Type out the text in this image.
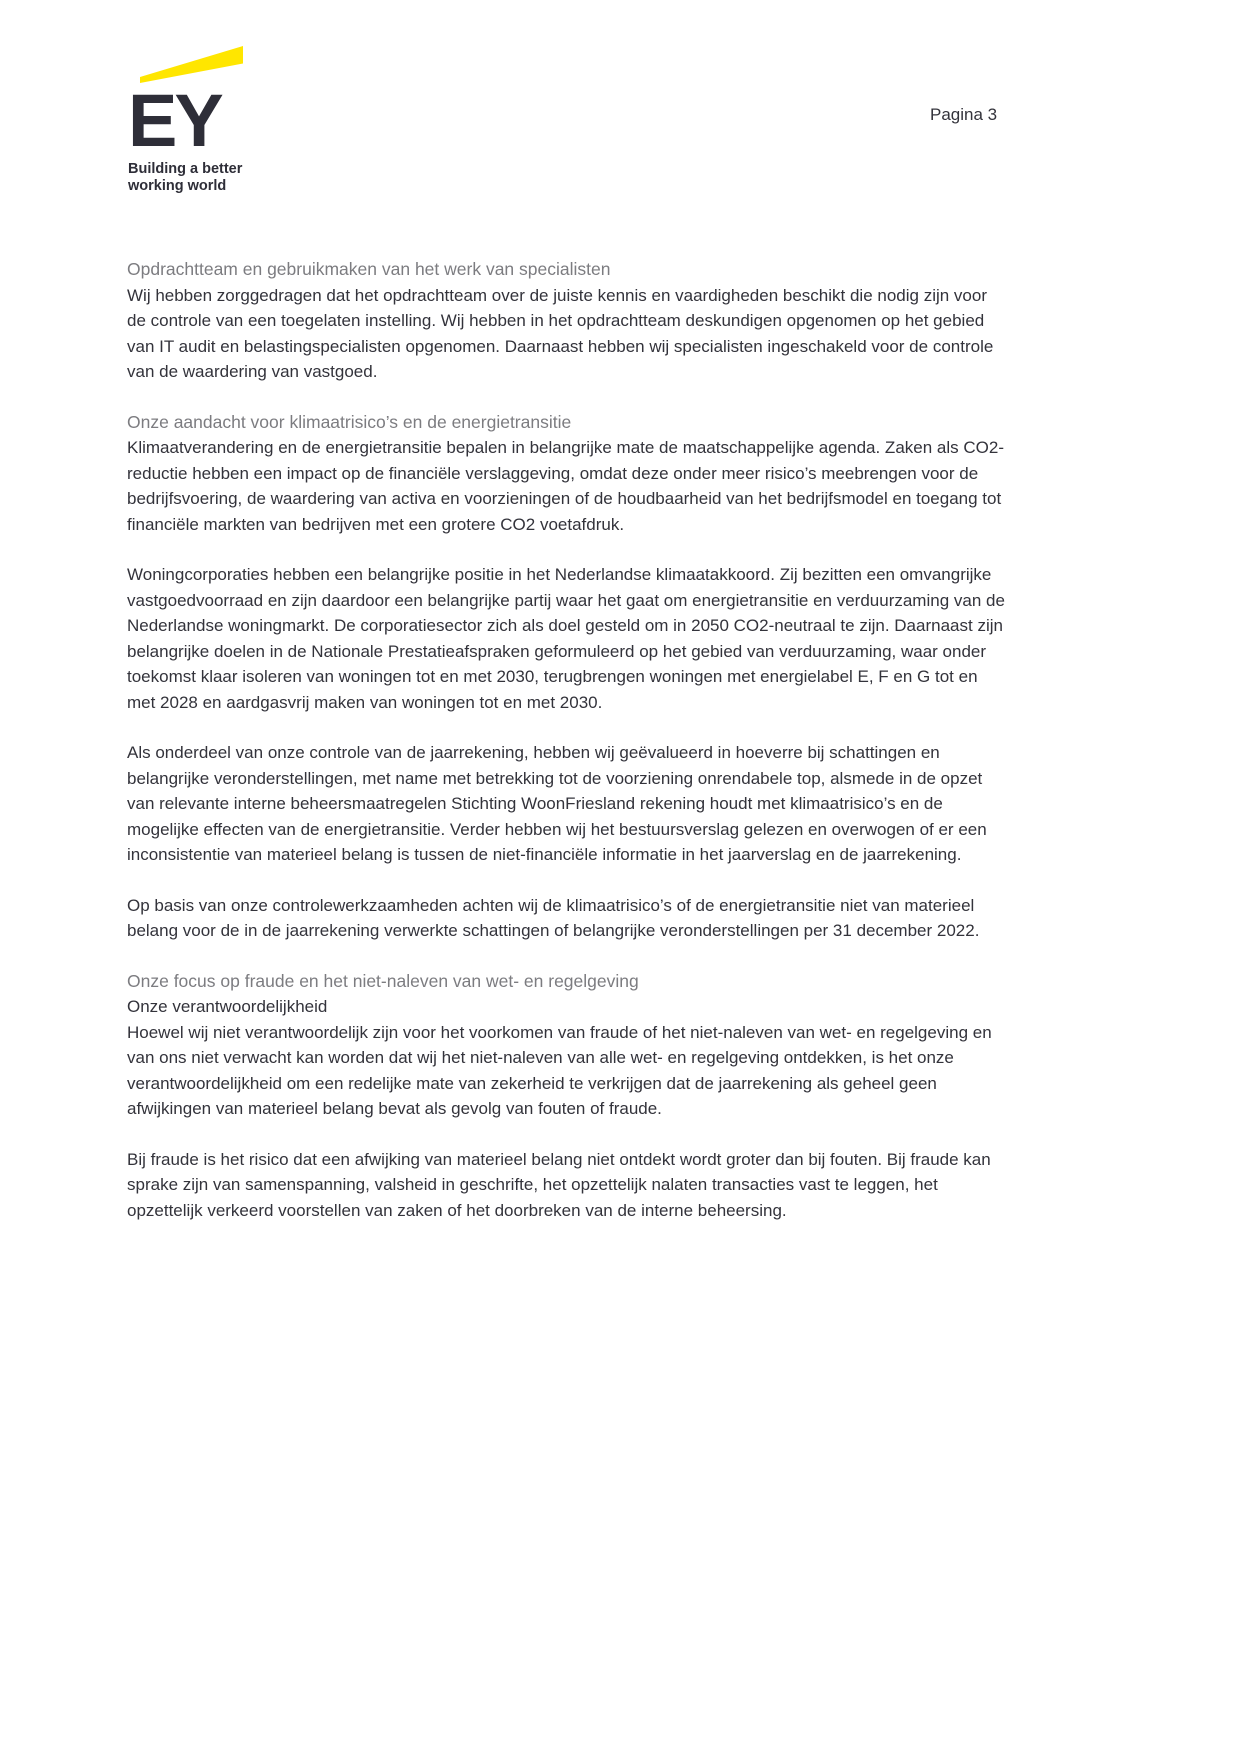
EY
Building a better
working world
Pagina 3
Opdrachtteam en gebruikmaken van het werk van specialisten

Wij hebben zorggedragen dat het opdrachtteam over de juiste kennis en vaardigheden beschikt die nodig zijn voor de controle van een toegelaten instelling. Wij hebben in het opdrachtteam deskundigen opgenomen op het gebied van IT audit en belastingspecialisten opgenomen. Daarnaast hebben wij specialisten ingeschakeld voor de controle van de waardering van vastgoed.

Onze aandacht voor klimaatrisico’s en de energietransitie

Klimaatverandering en de energietransitie bepalen in belangrijke mate de maatschappelijke agenda. Zaken als CO2-reductie hebben een impact op de financiële verslaggeving, omdat deze onder meer risico’s meebrengen voor de bedrijfsvoering, de waardering van activa en voorzieningen of de houdbaarheid van het bedrijfsmodel en toegang tot financiële markten van bedrijven met een grotere CO2 voetafdruk.

Woningcorporaties hebben een belangrijke positie in het Nederlandse klimaatakkoord. Zij bezitten een omvangrijke vastgoedvoorraad en zijn daardoor een belangrijke partij waar het gaat om energietransitie en verduurzaming van de Nederlandse woningmarkt. De corporatiesector zich als doel gesteld om in 2050 CO2-neutraal te zijn. Daarnaast zijn belangrijke doelen in de Nationale Prestatieafspraken geformuleerd op het gebied van verduurzaming, waar onder toekomst klaar isoleren van woningen tot en met 2030, terugbrengen woningen met energielabel E, F en G tot en met 2028 en aardgasvrij maken van woningen tot en met 2030.

Als onderdeel van onze controle van de jaarrekening, hebben wij geëvalueerd in hoeverre bij schattingen en belangrijke veronderstellingen, met name met betrekking tot de voorziening onrendabele top, alsmede in de opzet van relevante interne beheersmaatregelen Stichting WoonFriesland rekening houdt met klimaatrisico’s en de mogelijke effecten van de energietransitie. Verder hebben wij het bestuursverslag gelezen en overwogen of er een inconsistentie van materieel belang is tussen de niet-financiële informatie in het jaarverslag en de jaarrekening.

Op basis van onze controlewerkzaamheden achten wij de klimaatrisico’s of de energietransitie niet van materieel belang voor de in de jaarrekening verwerkte schattingen of belangrijke veronderstellingen per 31 december 2022.

Onze focus op fraude en het niet-naleven van wet- en regelgeving
Onze verantwoordelijkheid

Hoewel wij niet verantwoordelijk zijn voor het voorkomen van fraude of het niet-naleven van wet- en regelgeving en van ons niet verwacht kan worden dat wij het niet-naleven van alle wet- en regelgeving ontdekken, is het onze verantwoordelijkheid om een redelijke mate van zekerheid te verkrijgen dat de jaarrekening als geheel geen afwijkingen van materieel belang bevat als gevolg van fouten of fraude.

Bij fraude is het risico dat een afwijking van materieel belang niet ontdekt wordt groter dan bij fouten. Bij fraude kan sprake zijn van samenspanning, valsheid in geschrifte, het opzettelijk nalaten transacties vast te leggen, het opzettelijk verkeerd voorstellen van zaken of het doorbreken van de interne beheersing.
